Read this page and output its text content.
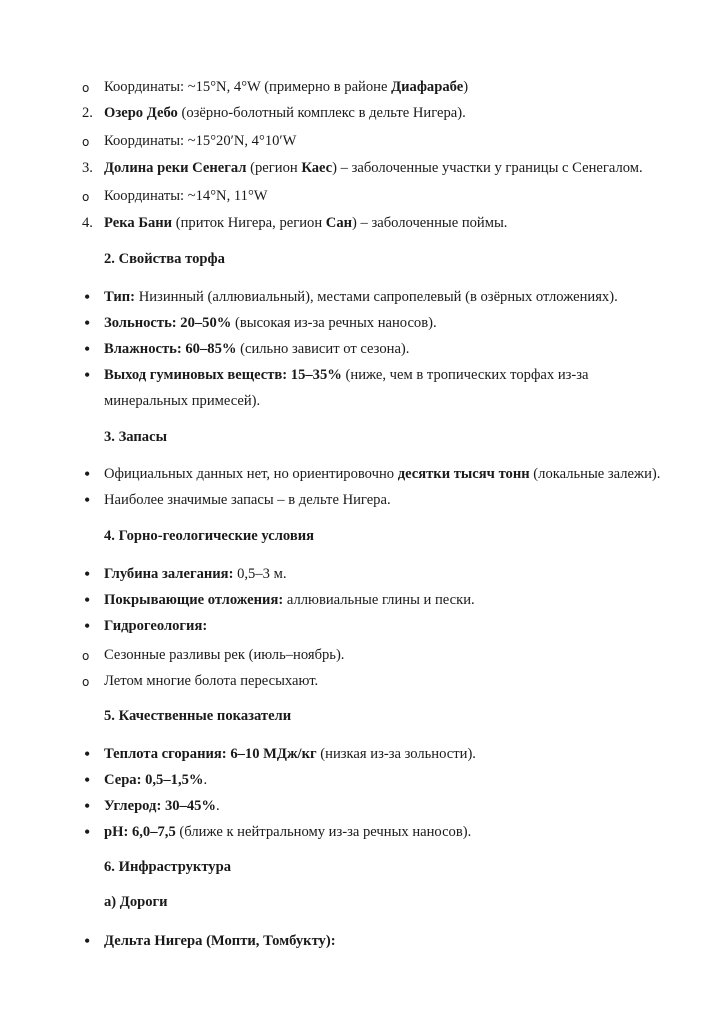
o Координаты: ~15°N, 4°W (примерно в районе Диафарабе)
2. Озеро Дебо (озёрно-болотный комплекс в дельте Нигера).
o Координаты: ~15°20′N, 4°10′W
3. Долина реки Сенегал (регион Каес) – заболоченные участки у границы с Сенегалом.
o Координаты: ~14°N, 11°W
4. Река Бани (приток Нигера, регион Сан) – заболоченные поймы.
2. Свойства торфа
• Тип: Низинный (аллювиальный), местами сапропелевый (в озёрных отложениях).
• Зольность: 20–50% (высокая из-за речных наносов).
• Влажность: 60–85% (сильно зависит от сезона).
• Выход гуминовых веществ: 15–35% (ниже, чем в тропических торфах из-за
минеральных примесей).
3. Запасы
• Официальных данных нет, но ориентировочно десятки тысяч тонн (локальные залежи).
• Наиболее значимые запасы – в дельте Нигера.
4. Горно-геологические условия
• Глубина залегания: 0,5–3 м.
• Покрывающие отложения: аллювиальные глины и пески.
• Гидрогеология:
o Сезонные разливы рек (июль–ноябрь).
o Летом многие болота пересыхают.
5. Качественные показатели
• Теплота сгорания: 6–10 МДж/кг (низкая из-за зольности).
• Сера: 0,5–1,5%.
• Углерод: 30–45%.
• pH: 6,0–7,5 (ближе к нейтральному из-за речных наносов).
6. Инфраструктура
а) Дороги
• Дельта Нигера (Мопти, Томбукту):
